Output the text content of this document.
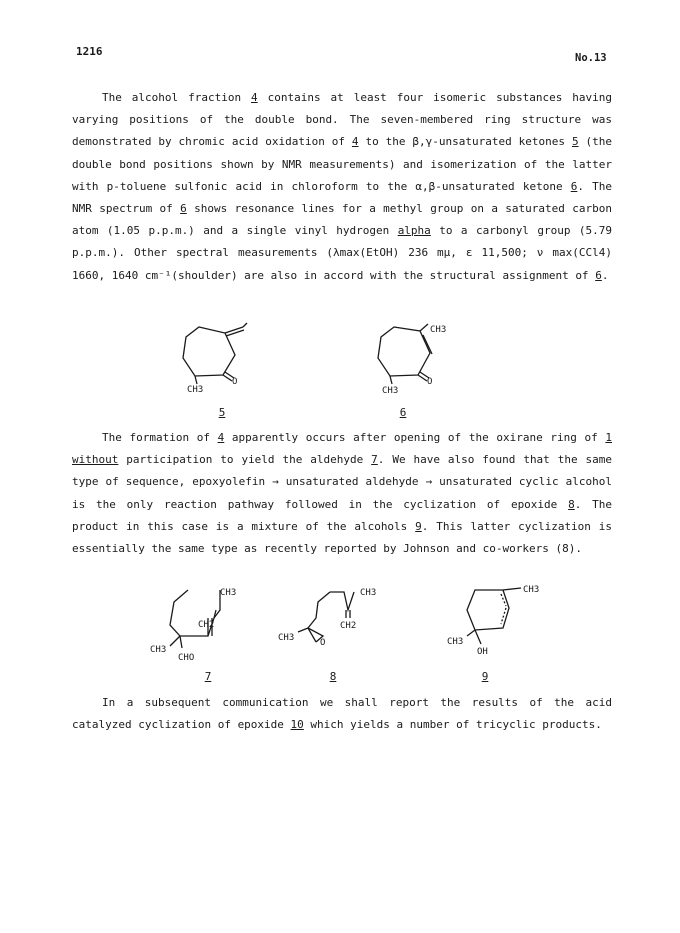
1216	No.13
The alcohol fraction 4 contains at least four isomeric substances having varying positions of the double bond. The seven-membered ring structure was demonstrated by chromic acid oxidation of 4 to the β,γ-unsaturated ketones 5 (the double bond positions shown by NMR measurements) and isomerization of the latter with p-toluene sulfonic acid in chloroform to the α,β-unsaturated ketone 6. The NMR spectrum of 6 shows resonance lines for a methyl group on a saturated carbon atom (1.05 p.p.m.) and a single vinyl hydrogen alpha to a carbonyl group (5.79 p.p.m.). Other spectral measurements (λmax(EtOH) 236 mμ, ε 11,500; ν max(CCl4) 1660, 1640 cm⁻¹(shoulder) are also in accord with the structural assignment of 6.
O
CH3
5
CH3
O
CH3
6
The formation of 4 apparently occurs after opening of the oxirane ring of 1 without participation to yield the aldehyde 7. We have also found that the same type of sequence, epoxyolefin → unsaturated aldehyde → unsaturated cyclic alcohol is the only reaction pathway followed in the cyclization of epoxide 8. The product in this case is a mixture of the alcohols 9. This latter cyclization is essentially the same type as recently reported by Johnson and co-workers (8).
CH3
CH2
CH3
CHO
7
CH3
CH2
CH3	O
8
CH3
CH3
OH
9
In a subsequent communication we shall report the results of the acid catalyzed cyclization of epoxide 10 which yields a number of tricyclic products.
